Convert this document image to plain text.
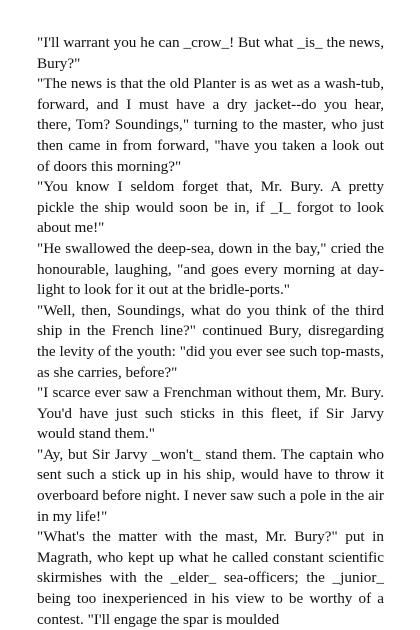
"I'll warrant you he can _crow_! But what _is_ the news, Bury?"

"The news is that the old Planter is as wet as a wash-tub, forward, and I must have a dry jacket--do you hear, there, Tom? Soundings," turning to the master, who just then came in from forward, "have you taken a look out of doors this morning?"

"You know I seldom forget that, Mr. Bury. A pretty pickle the ship would soon be in, if _I_ forgot to look about me!"

"He swallowed the deep-sea, down in the bay," cried the honourable, laughing, "and goes every morning at day-light to look for it out at the bridle-ports."

"Well, then, Soundings, what do you think of the third ship in the French line?" continued Bury, disregarding the levity of the youth: "did you ever see such top-masts, as she carries, before?"

"I scarce ever saw a Frenchman without them, Mr. Bury. You'd have just such sticks in this fleet, if Sir Jarvy would stand them."

"Ay, but Sir Jarvy _won't_ stand them. The captain who sent such a stick up in his ship, would have to throw it overboard before night. I never saw such a pole in the air in my life!"

"What's the matter with the mast, Mr. Bury?" put in Magrath, who kept up what he called constant scientific skirmishes with the _elder_ sea-officers; the _junior_ being too inexperienced in his view to be worthy of a contest. "I'll engage the spar is moulded
